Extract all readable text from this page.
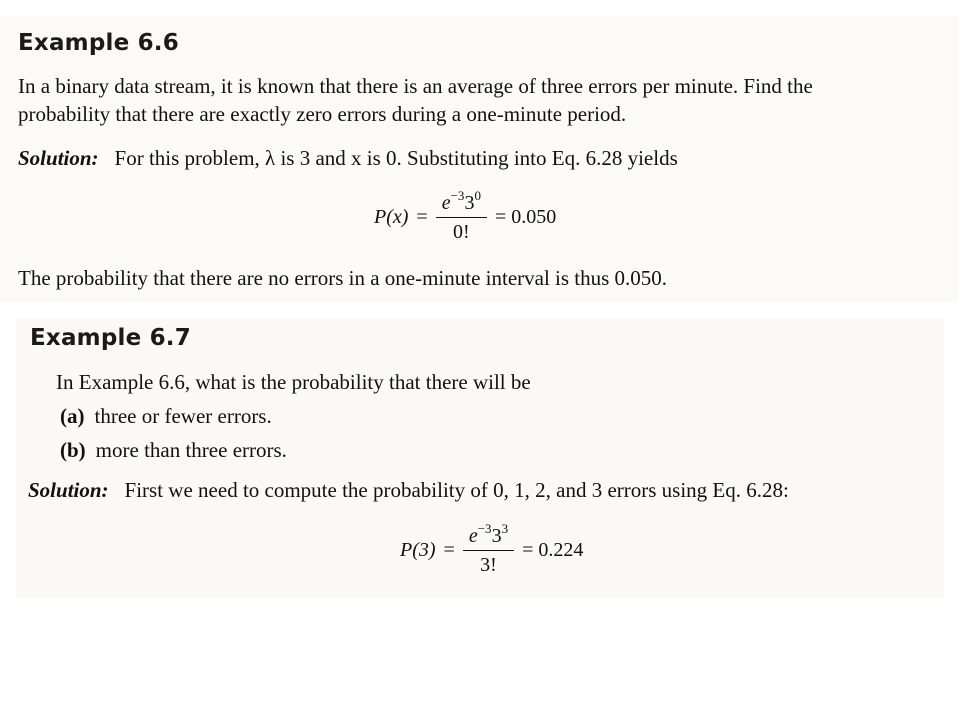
Example 6.6

In a binary data stream, it is known that there is an average of three errors per minute. Find the

probability that there are exactly zero errors during a one-minute period.

Solution: For this problem, λ is 3 and x is 0. Substituting into Eq. 6.28 yields

$P(x) = \frac{e^{-3}3^0}{0!} = 0.050$

The probability that there are no errors in a one-minute interval is thus 0.050.

Example 6.7

In Example 6.6, what is the probability that there will be

(a) three or fewer errors.

(b) more than three errors.

Solution: First we need to compute the probability of 0, 1, 2, and 3 errors using Eq. 6.28:

$P(3) = \frac{e^{-3}3^3}{3!} = 0.224$
